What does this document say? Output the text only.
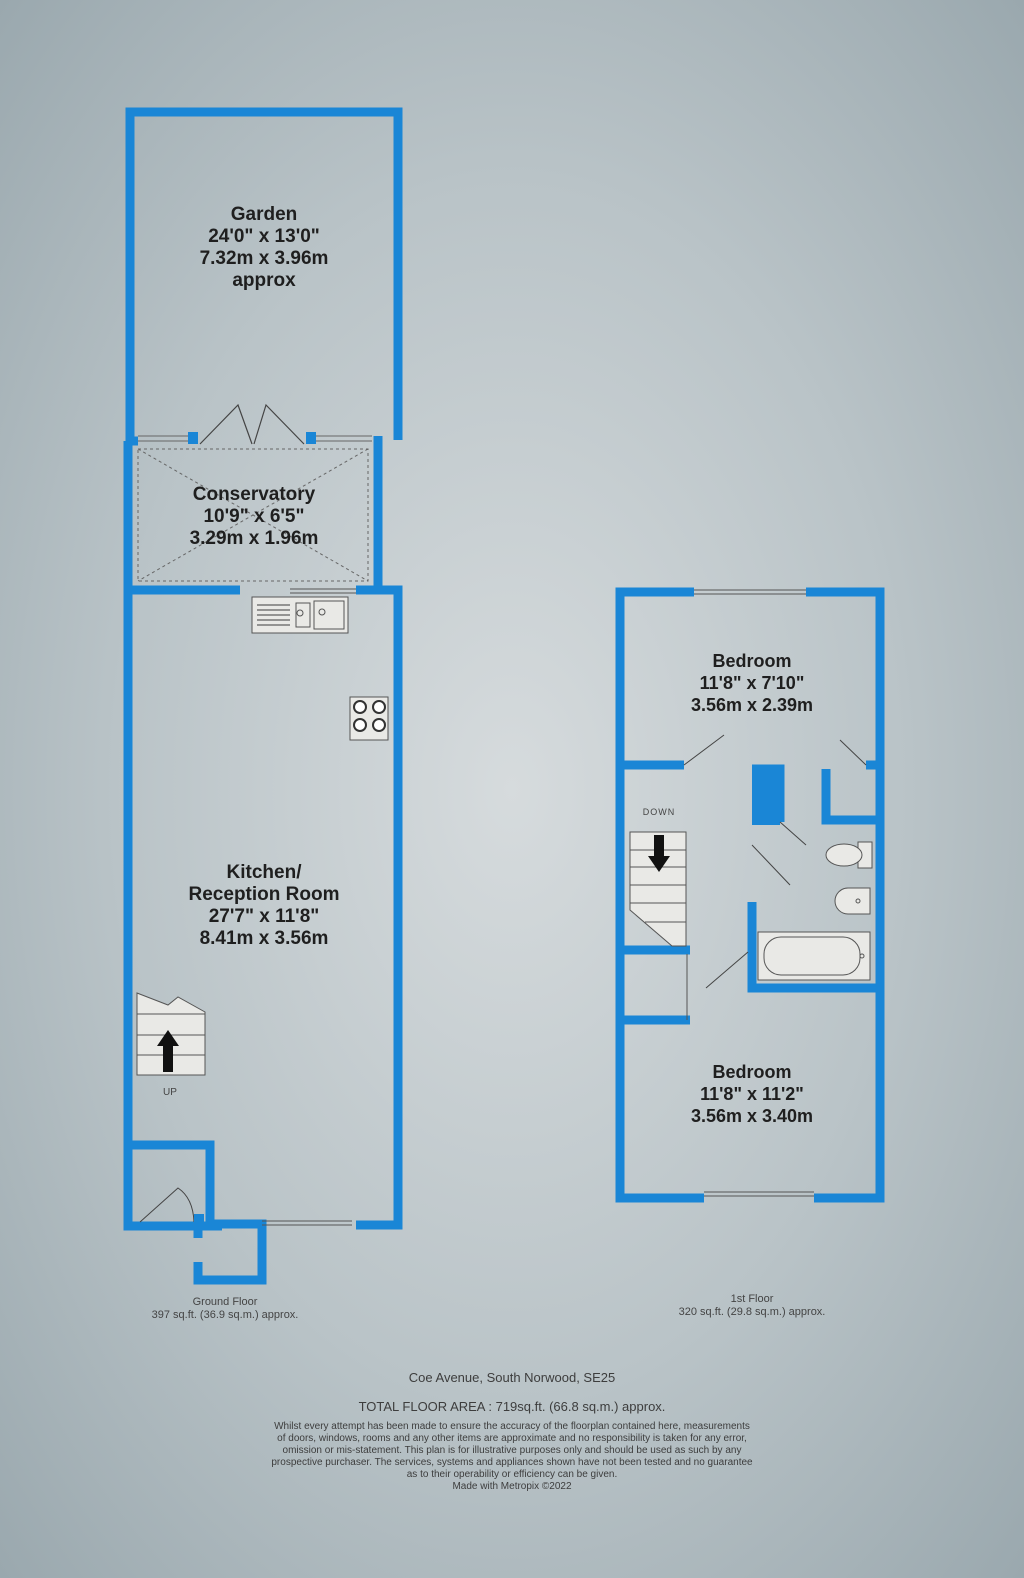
Garden
24'0" x 13'0"
7.32m x 3.96m
approx
Conservatory
10'9" x 6'5"
3.29m x 1.96m
Kitchen/
Reception Room
27'7" x 11'8"
8.41m x 3.56m
Bedroom
11'8" x 7'10"
3.56m x 2.39m
Bedroom
11'8" x 11'2"
3.56m x 3.40m
UP
DOWN
Ground Floor
397 sq.ft. (36.9 sq.m.) approx.
1st Floor
320 sq.ft. (29.8 sq.m.) approx.
Coe Avenue, South Norwood, SE25
TOTAL FLOOR AREA : 719sq.ft. (66.8 sq.m.) approx.
Whilst every attempt has been made to ensure the accuracy of the floorplan contained here, measurements
of doors, windows, rooms and any other items are approximate and no responsibility is taken for any error,
omission or mis-statement. This plan is for illustrative purposes only and should be used as such by any
prospective purchaser. The services, systems and appliances shown have not been tested and no guarantee
as to their operability or efficiency can be given.
Made with Metropix ©2022
